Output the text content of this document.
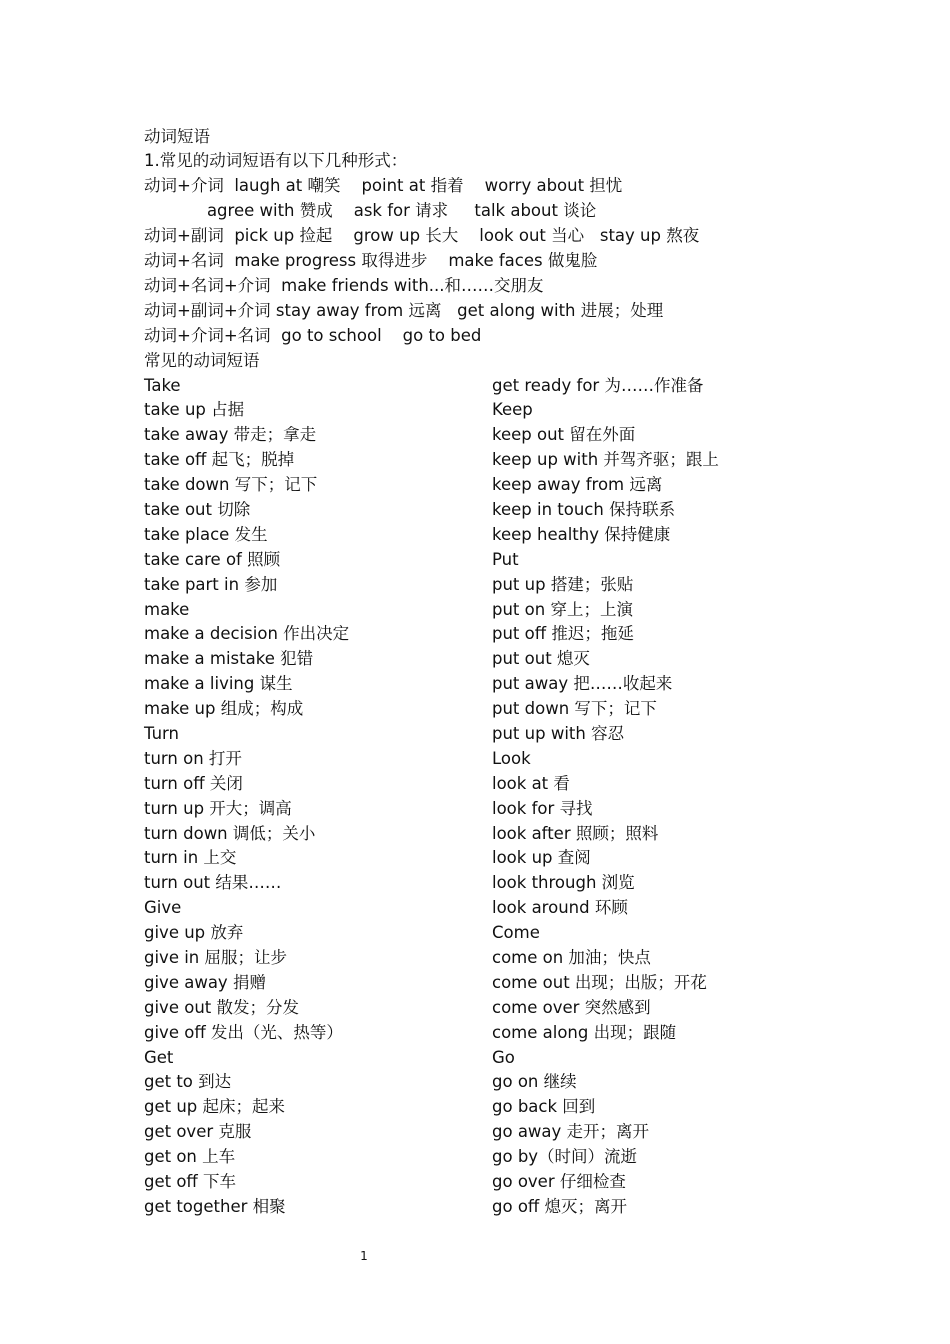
动词短语
1.常见的动词短语有以下几种形式：
动词+介词  laugh at 嘲笑    point at 指着    worry about 担忧
agree with 赞成    ask for 请求     talk about 谈论
动词+副词  pick up 捡起    grow up 长大    look out 当心   stay up 熬夜
动词+名词  make progress 取得进步    make faces 做鬼脸
动词+名词+介词  make friends with...和……交朋友
动词+副词+介词 stay away from 远离   get along with 进展；处理
动词+介词+名词  go to school    go to bed
常见的动词短语
Take
take up 占据
take away 带走；拿走
take off 起飞；脱掉
take down 写下；记下
take out 切除
take place 发生
take care of 照顾
take part in 参加
make
make a decision 作出决定
make a mistake 犯错
make a living 谋生
make up 组成；构成
Turn
turn on 打开
turn off 关闭
turn up 开大；调高
turn down 调低；关小
turn in 上交
turn out 结果……
Give
give up 放弃
give in 屈服；让步
give away 捐赠
give out 散发；分发
give off 发出（光、热等）
Get
get to 到达
get up 起床；起来
get over 克服
get on 上车
get off 下车
get together 相聚
get ready for 为……作准备
Keep
keep out 留在外面
keep up with 并驾齐驱；跟上
keep away from 远离
keep in touch 保持联系
keep healthy 保持健康
Put
put up 搭建；张贴
put on 穿上；上演
put off 推迟；拖延
put out 熄灭
put away 把……收起来
put down 写下；记下
put up with 容忍
Look
look at 看
look for 寻找
look after 照顾；照料
look up 查阅
look through 浏览
look around 环顾
Come
come on 加油；快点
come out 出现；出版；开花
come over 突然感到
come along 出现；跟随
Go
go on 继续
go back 回到
go away 走开；离开
go by（时间）流逝
go over 仔细检查
go off 熄灭；离开
1
